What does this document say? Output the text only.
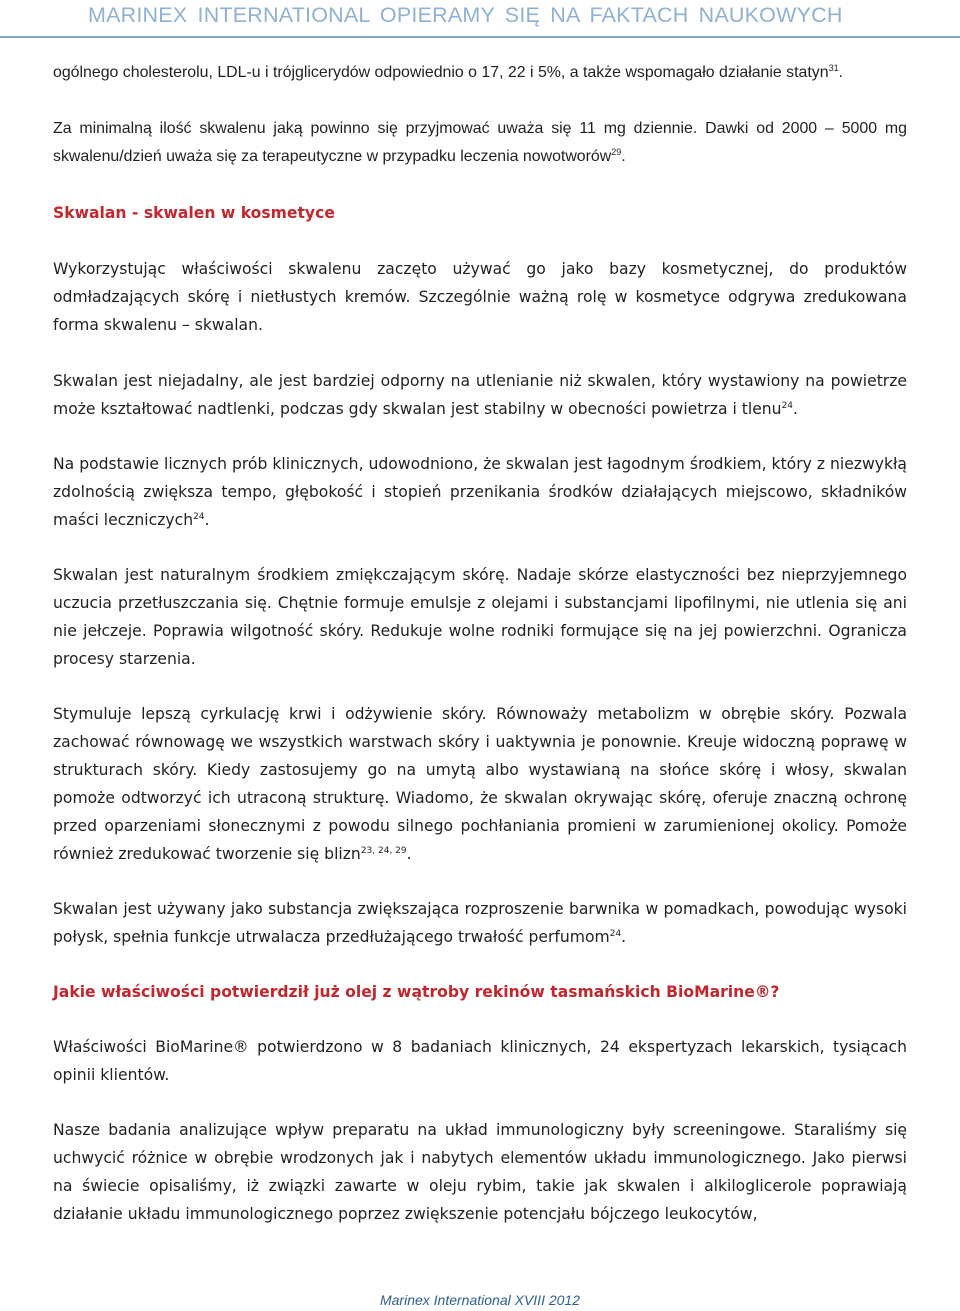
MARINEX INTERNATIONAL OPIERAMY SIĘ NA FAKTACH NAUKOWYCH

ogólnego cholesterolu, LDL-u i trójglicerydów odpowiednio o 17, 22 i 5%, a także wspomagało działanie statyn$^{31}$.

Za minimalną ilość skwalenu jaką powinno się przyjmować uważa się 11 mg dziennie. Dawki od 2000 – 5000 mg skwalenu/dzień uważa się za terapeutyczne w przypadku leczenia nowotworów$^{29}$.

Skwalan - skwalen w kosmetyce

Wykorzystując właściwości skwalenu zaczęto używać go jako bazy kosmetycznej, do produktów odmładzających skórę i nietłustych kremów. Szczególnie ważną rolę w kosmetyce odgrywa zredukowana forma skwalenu – skwalan.

Skwalan jest niejadalny, ale jest bardziej odporny na utlenianie niż skwalen, który wystawiony na powietrze może kształtować nadtlenki, podczas gdy skwalan jest stabilny w obecności powietrza i tlenu$^{24}$.

Na podstawie licznych prób klinicznych, udowodniono, że skwalan jest łagodnym środkiem, który z niezwykłą zdolnością zwiększa tempo, głębokość i stopień przenikania środków działających miejscowo, składników maści leczniczych$^{24}$.

Skwalan jest naturalnym środkiem zmiękczającym skórę. Nadaje skórze elastyczności bez nieprzyjemnego uczucia przetłuszczania się. Chętnie formuje emulsje z olejami i substancjami lipofilnymi, nie utlenia się ani nie jełczeje. Poprawia wilgotność skóry. Redukuje wolne rodniki formujące się na jej powierzchni. Ogranicza procesy starzenia.

Stymuluje lepszą cyrkulację krwi i odżywienie skóry. Równoważy metabolizm w obrębie skóry. Pozwala zachować równowagę we wszystkich warstwach skóry i uaktywnia je ponownie. Kreuje widoczną poprawę w strukturach skóry. Kiedy zastosujemy go na umytą albo wystawianą na słońce skórę i włosy, skwalan pomoże odtworzyć ich utraconą strukturę. Wiadomo, że skwalan okrywając skórę, oferuje znaczną ochronę przed oparzeniami słonecznymi z powodu silnego pochłaniania promieni w zarumienionej okolicy. Pomoże również zredukować tworzenie się blizn$^{23, 24, 29}$.

Skwalan jest używany jako substancja zwiększająca rozproszenie barwnika w pomadkach, powodując wysoki połysk, spełnia funkcje utrwalacza przedłużającego trwałość perfumom$^{24}$.

Jakie właściwości potwierdził już olej z wątroby rekinów tasmańskich BioMarine®?

Właściwości BioMarine® potwierdzono w 8 badaniach klinicznych, 24 ekspertyzach lekarskich, tysiącach opinii klientów.

Nasze badania analizujące wpływ preparatu na układ immunologiczny były screeningowe. Staraliśmy się uchwycić różnice w obrębie wrodzonych jak i nabytych elementów układu immunologicznego. Jako pierwsi na świecie opisaliśmy, iż związki zawarte w oleju rybim, takie jak skwalen i alkiloglicerole poprawiają działanie układu immunologicznego poprzez zwiększenie potencjału bójczego leukocytów,

Marinex International XVIII 2012
